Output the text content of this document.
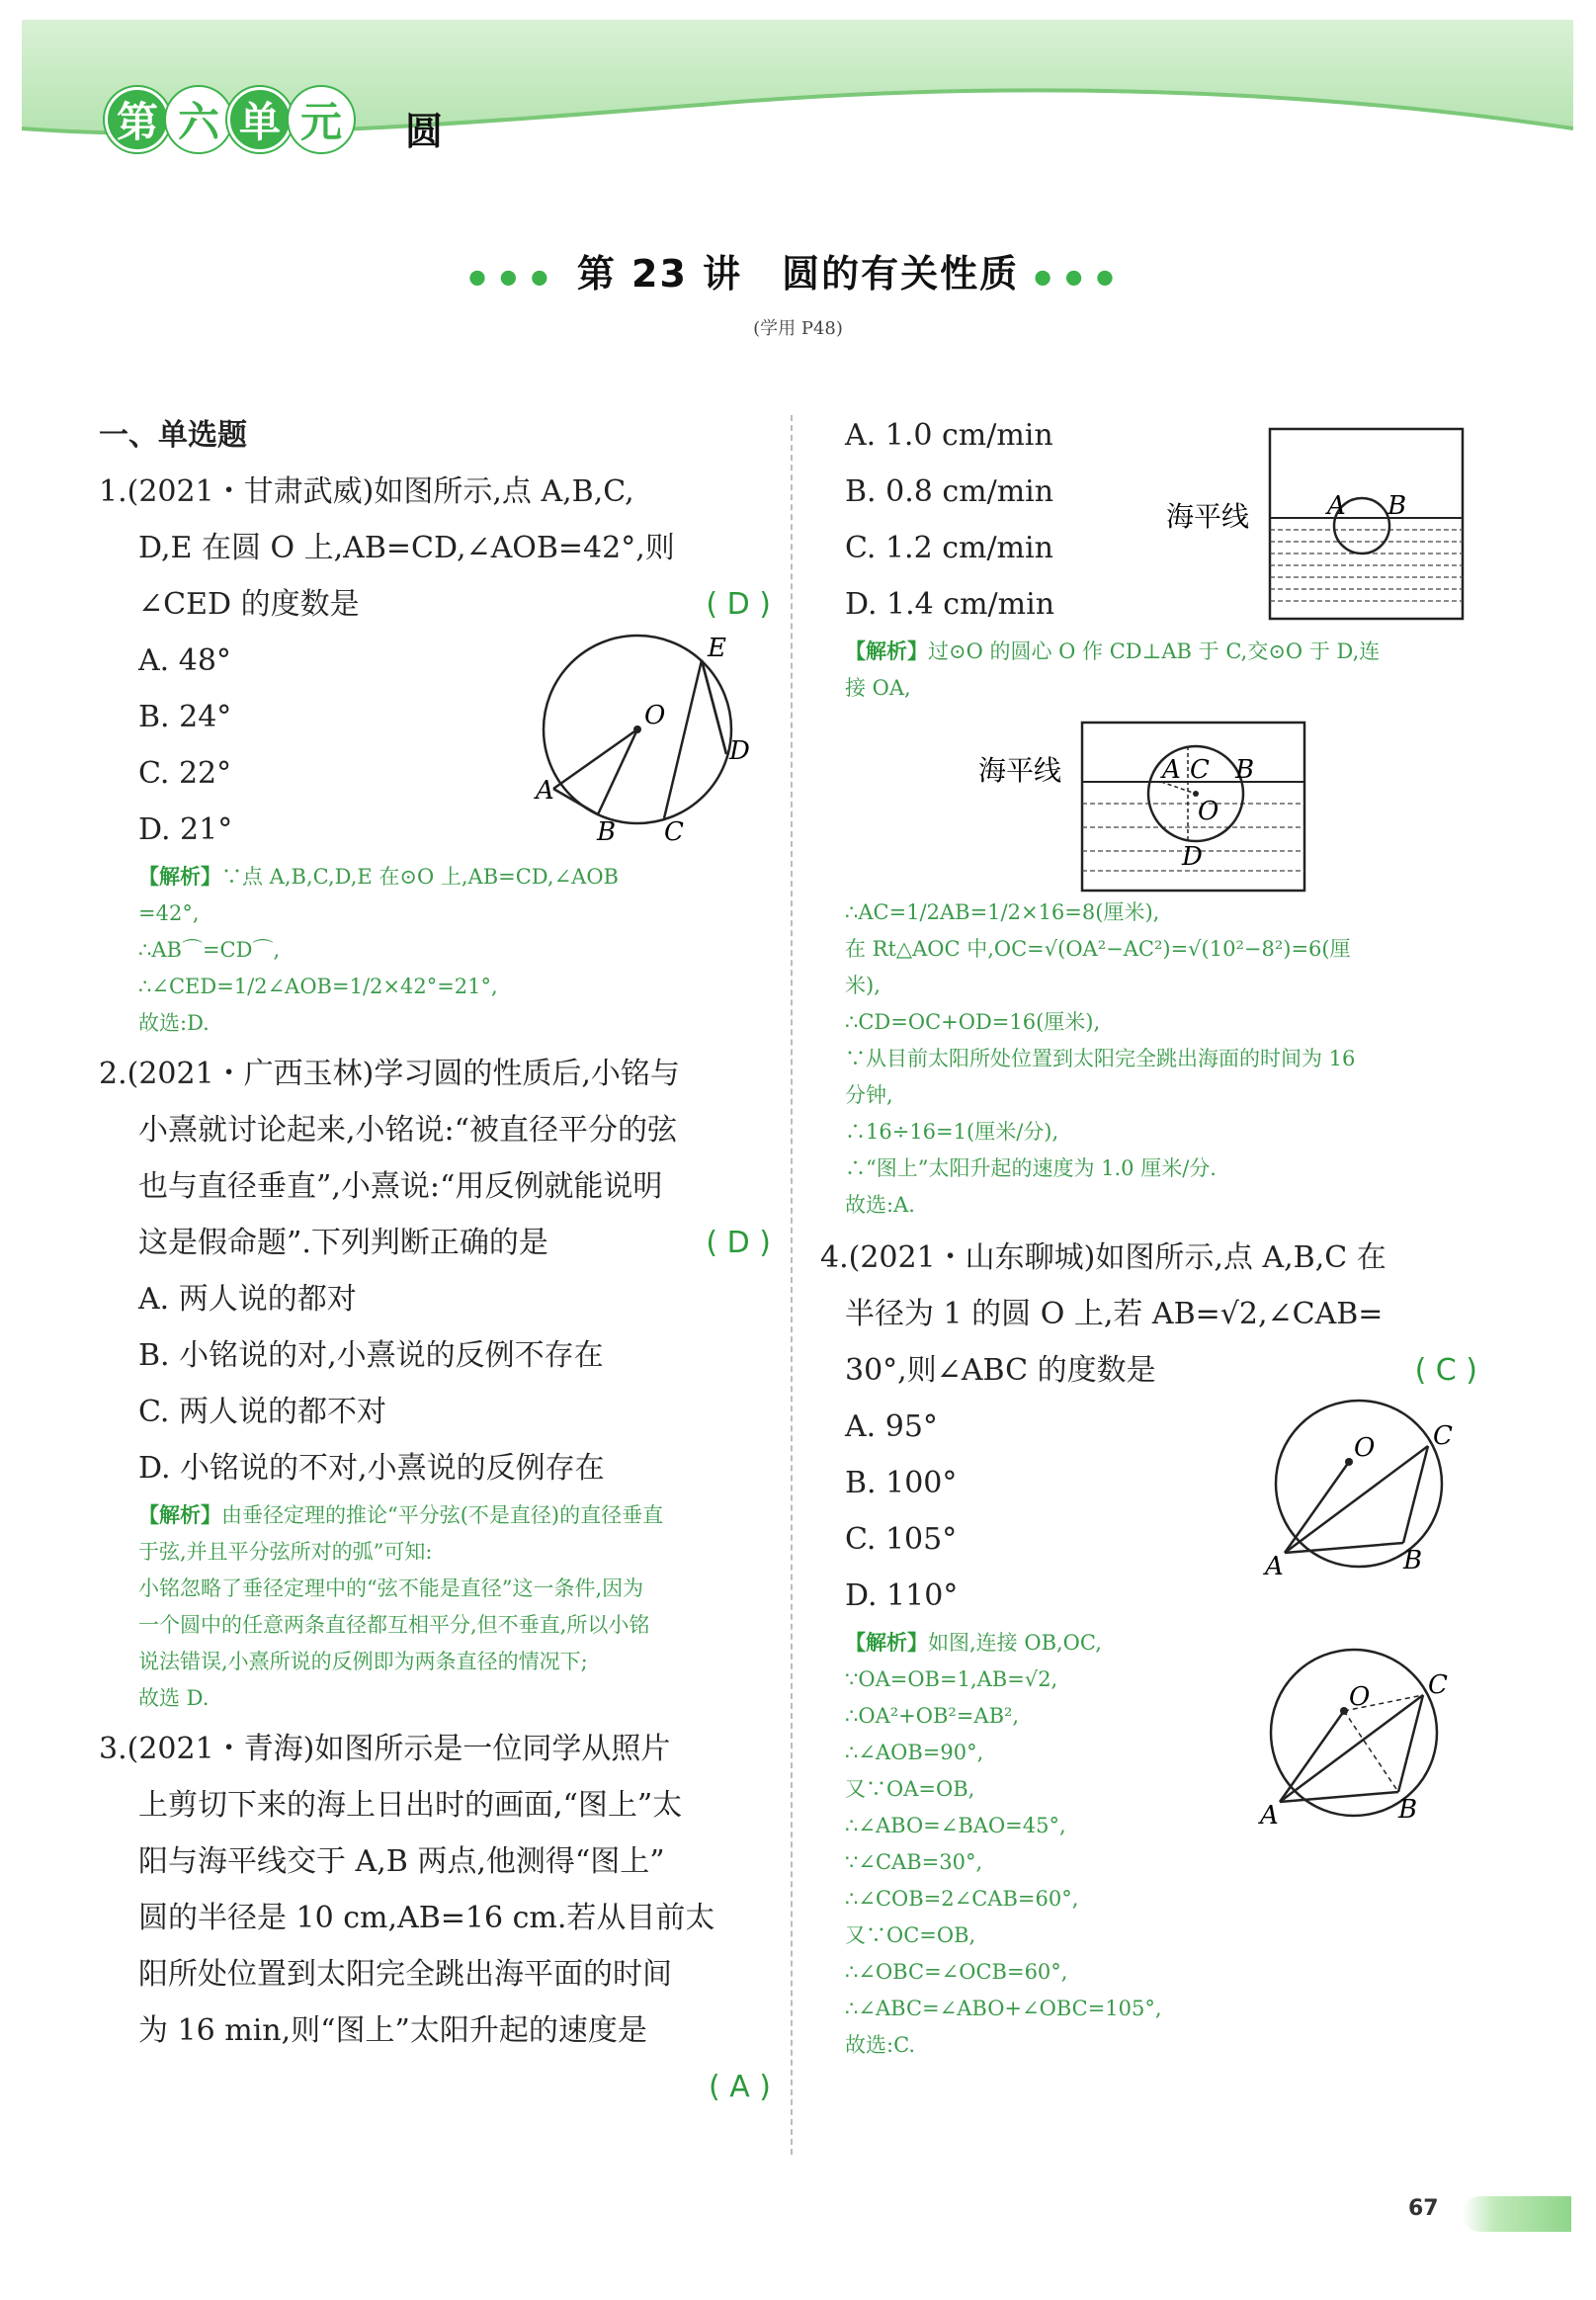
第 六 单 元	圆
●●● 第 23 讲　圆的有关性质 ●●●
(学用 P48)
一、单选题
1.(2021・甘肃武威)如图所示,点 A,B,C,
D,E 在圆 O 上,AB=CD,∠AOB=42°,则
∠CED 的度数是	( D )
A. 48°
B. 24°
C. 22°
D. 21°
O
E
D
C
B
A
【解析】∵点 A,B,C,D,E 在⊙O 上,AB=CD,∠AOB
=42°,
∴AB⌒=CD⌒,
∴∠CED=1/2∠AOB=1/2×42°=21°,
故选:D.
2.(2021・广西玉林)学习圆的性质后,小铭与
小熹就讨论起来,小铭说:“被直径平分的弦
也与直径垂直”,小熹说:“用反例就能说明
这是假命题”.下列判断正确的是	( D )
A. 两人说的都对
B. 小铭说的对,小熹说的反例不存在
C. 两人说的都不对
D. 小铭说的不对,小熹说的反例存在
【解析】由垂径定理的推论“平分弦(不是直径)的直径垂直
于弦,并且平分弦所对的弧”可知:
小铭忽略了垂径定理中的“弦不能是直径”这一条件,因为
一个圆中的任意两条直径都互相平分,但不垂直,所以小铭
说法错误,小熹所说的反例即为两条直径的情况下;
故选 D.
3.(2021・青海)如图所示是一位同学从照片
上剪切下来的海上日出时的画面,“图上”太
阳与海平线交于 A,B 两点,他测得“图上”
圆的半径是 10 cm,AB=16 cm.若从目前太
阳所处位置到太阳完全跳出海平面的时间
为 16 min,则“图上”太阳升起的速度是
( A )
A. 1.0 cm/min
B. 0.8 cm/min
C. 1.2 cm/min
D. 1.4 cm/min
海平线	A B
【解析】过⊙O 的圆心 O 作 CD⊥AB 于 C,交⊙O 于 D,连
接 OA,
海平线	A C B
O
D
∴AC=1/2AB=1/2×16=8(厘米),
在 Rt△AOC 中,OC=√(OA²−AC²)=√(10²−8²)=6(厘
米),
∴CD=OC+OD=16(厘米),
∵从目前太阳所处位置到太阳完全跳出海面的时间为 16
分钟,
∴16÷16=1(厘米/分),
∴“图上”太阳升起的速度为 1.0 厘米/分.
故选:A.
4.(2021・山东聊城)如图所示,点 A,B,C 在
半径为 1 的圆 O 上,若 AB=√2,∠CAB=
30°,则∠ABC 的度数是	( C )
A. 95°
B. 100°
C. 105°
D. 110°
O C
A	B
【解析】如图,连接 OB,OC,
∵OA=OB=1,AB=√2,
∴OA²+OB²=AB²,
∴∠AOB=90°,
又∵OA=OB,
∴∠ABO=∠BAO=45°,
∵∠CAB=30°,
∴∠COB=2∠CAB=60°,
又∵OC=OB,
∴∠OBC=∠OCB=60°,
∴∠ABC=∠ABO+∠OBC=105°,
故选:C.
O C
A	B
67
